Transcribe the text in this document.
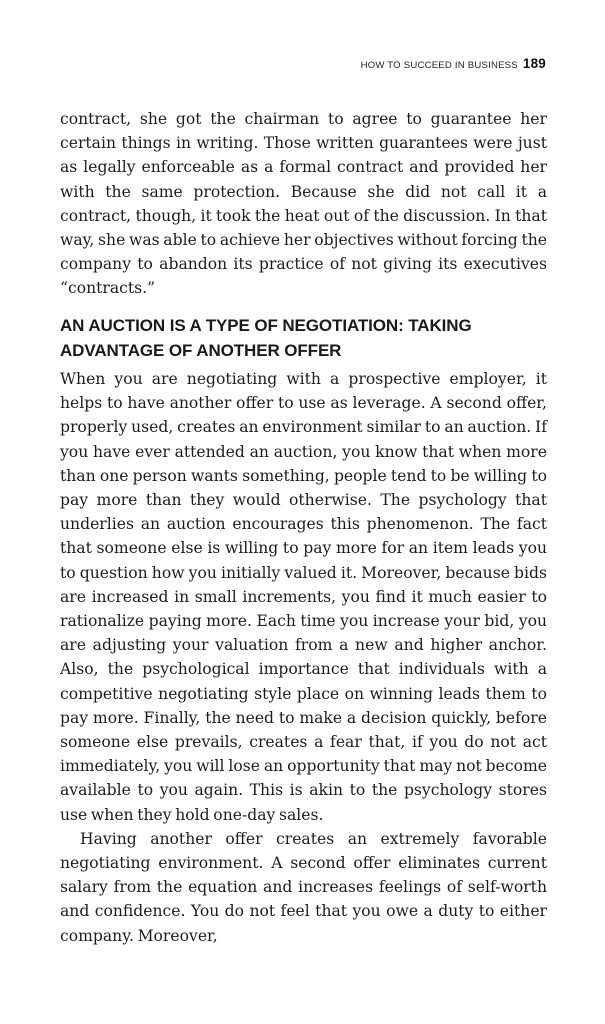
HOW TO SUCCEED IN BUSINESS 189

contract, she got the chairman to agree to guarantee her certain things in writing. Those written guarantees were just as legally enforceable as a formal contract and provided her with the same protection. Because she did not call it a contract, though, it took the heat out of the discussion. In that way, she was able to achieve her objectives without forcing the company to abandon its practice of not giving its executives “contracts.”

AN AUCTION IS A TYPE OF NEGOTIATION: TAKING ADVANTAGE OF ANOTHER OFFER

When you are negotiating with a prospective employer, it helps to have another offer to use as leverage. A second offer, properly used, creates an environment similar to an auction. If you have ever attended an auction, you know that when more than one person wants something, people tend to be willing to pay more than they would otherwise. The psychology that underlies an auction encourages this phenomenon. The fact that someone else is willing to pay more for an item leads you to question how you initially valued it. Moreover, because bids are increased in small increments, you find it much easier to rationalize paying more. Each time you increase your bid, you are adjusting your valuation from a new and higher anchor. Also, the psychological importance that individuals with a competitive negotiating style place on winning leads them to pay more. Finally, the need to make a decision quickly, before someone else prevails, creates a fear that, if you do not act immediately, you will lose an opportunity that may not become available to you again. This is akin to the psychology stores use when they hold one-day sales.

Having another offer creates an extremely favorable negotiating environment. A second offer eliminates current salary from the equation and increases feelings of self-worth and confidence. You do not feel that you owe a duty to either company. Moreover,
